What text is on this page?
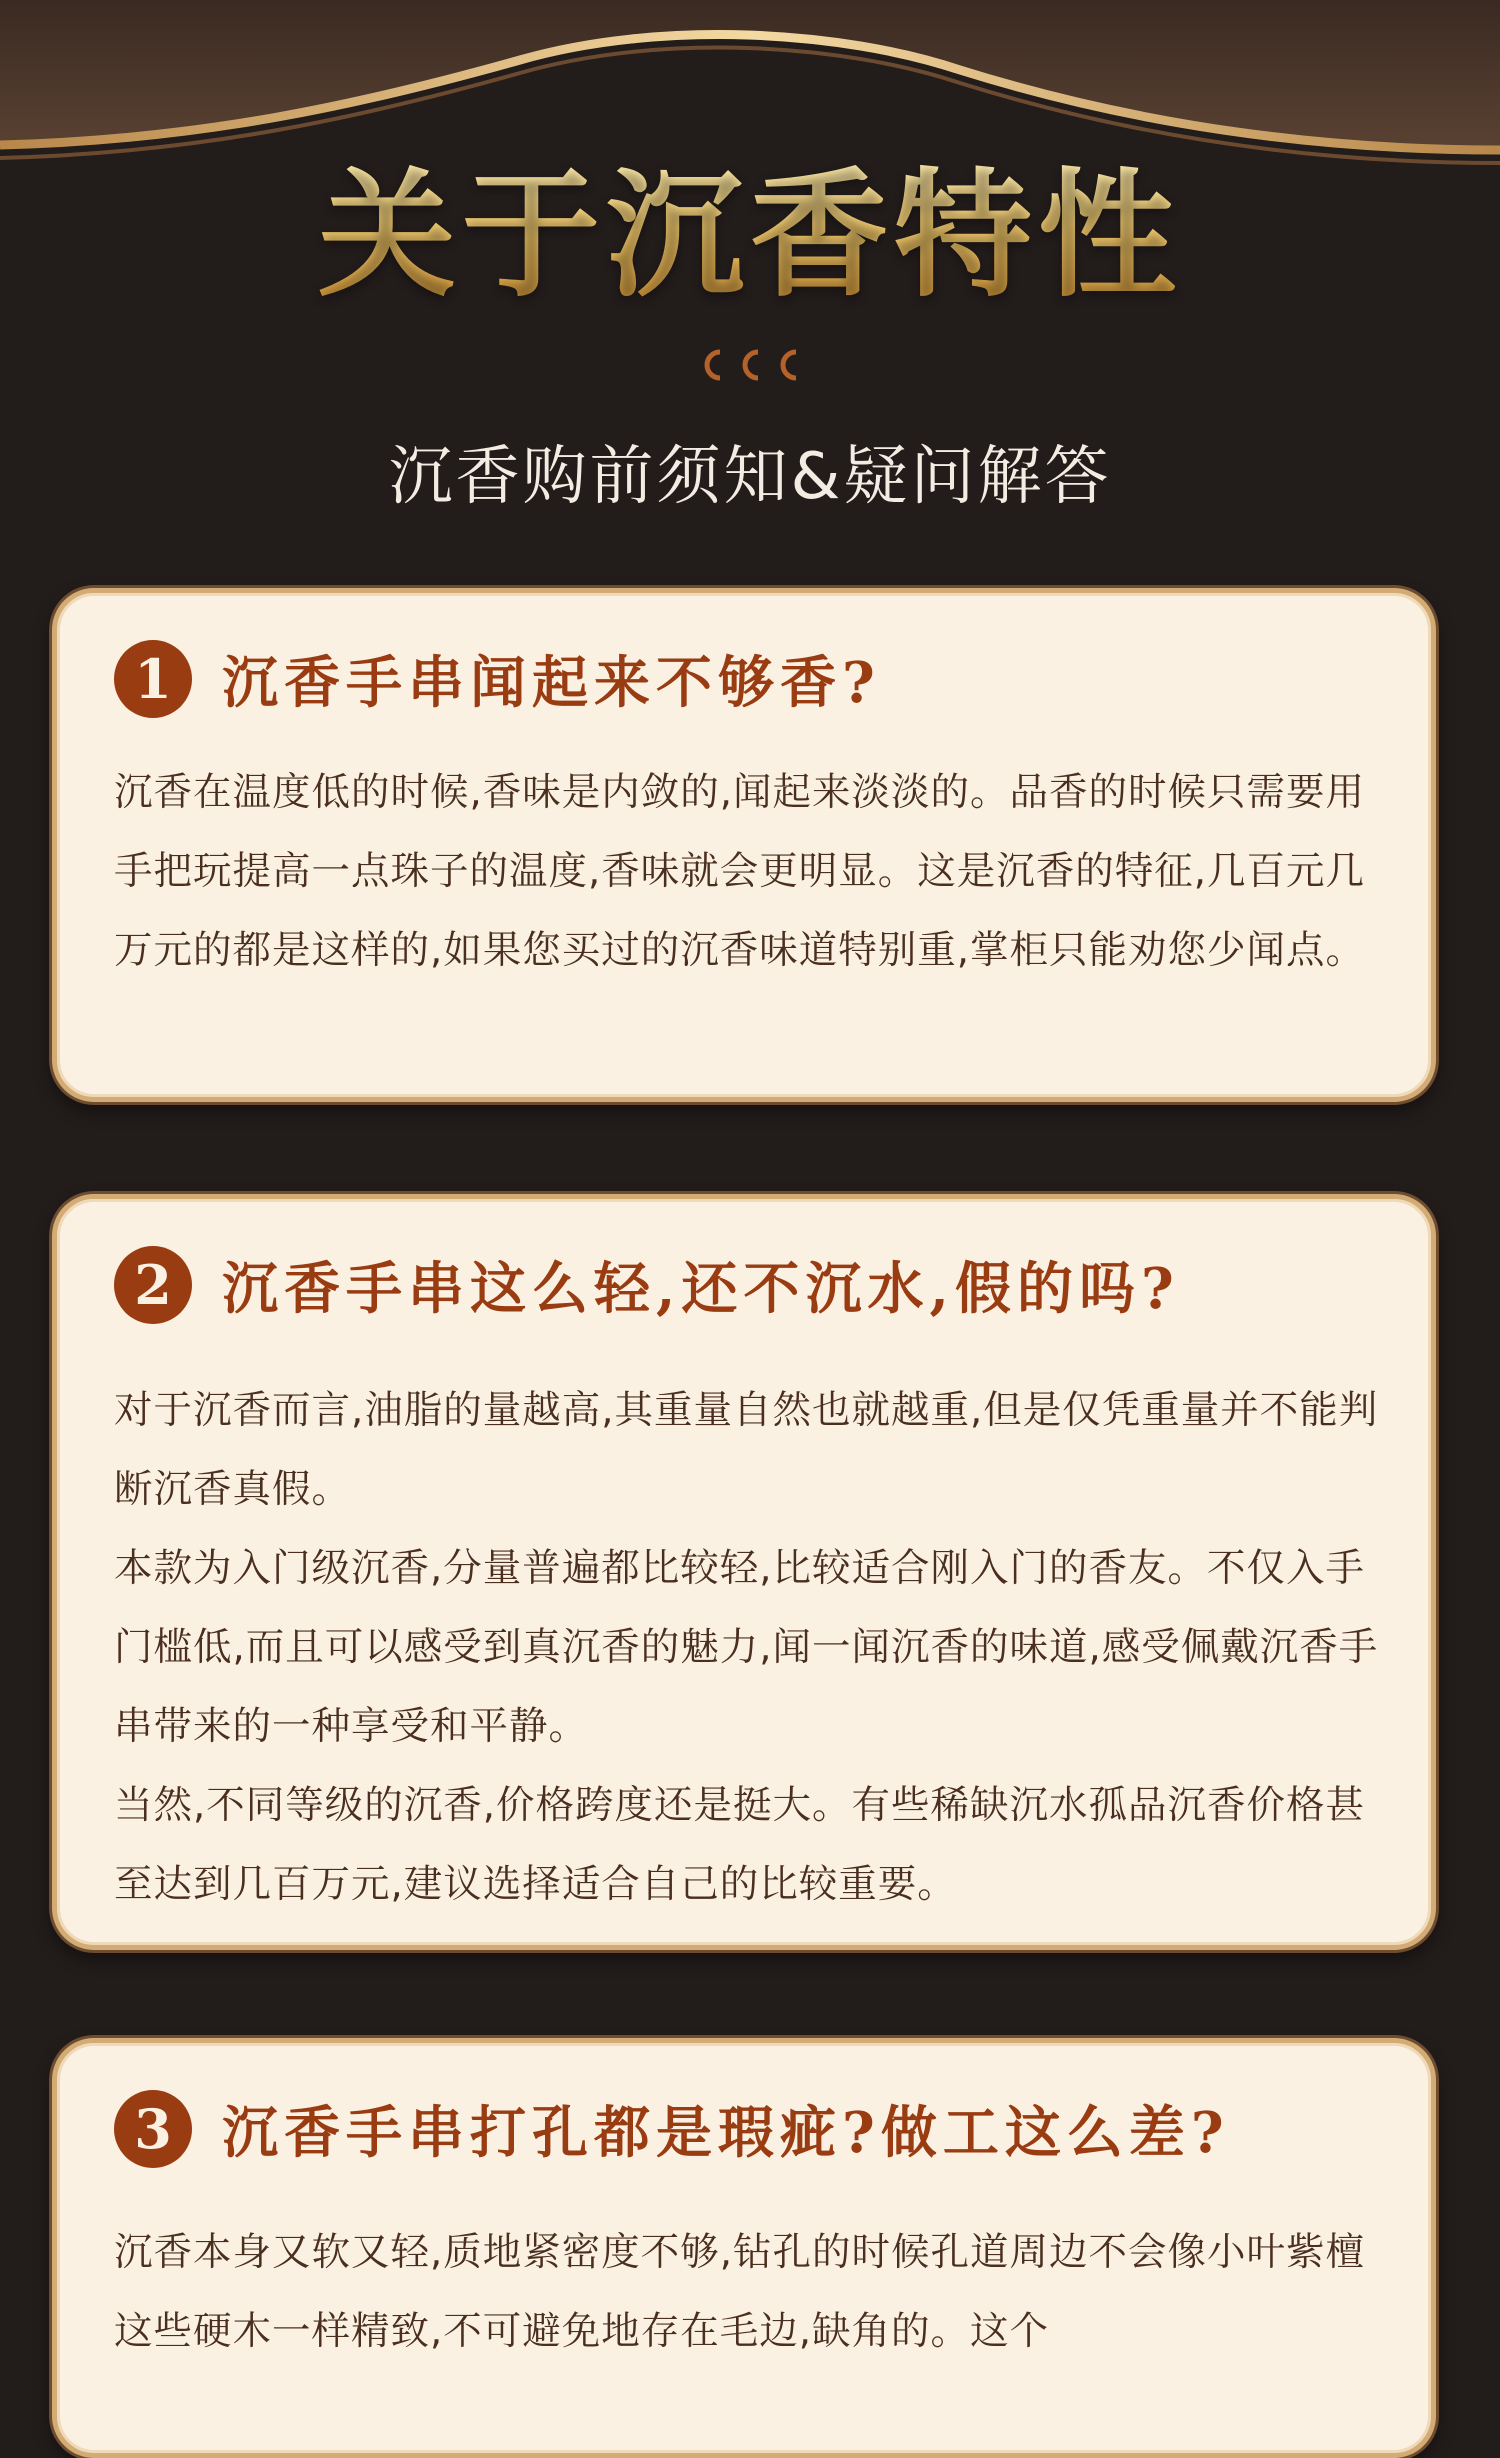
关于沉香特性
沉香购前须知&疑问解答
1 沉香手串闻起来不够香?

沉香在温度低的时候,香味是内敛的,闻起来淡淡的。品香的时候只需要用手把玩提高一点珠子的温度,香味就会更明显。这是沉香的特征,几百元几万元的都是这样的,如果您买过的沉香味道特别重,掌柜只能劝您少闻点。

2 沉香手串这么轻,还不沉水,假的吗?

对于沉香而言,油脂的量越高,其重量自然也就越重,但是仅凭重量并不能判断沉香真假。

本款为入门级沉香,分量普遍都比较轻,比较适合刚入门的香友。不仅入手门槛低,而且可以感受到真沉香的魅力,闻一闻沉香的味道,感受佩戴沉香手串带来的一种享受和平静。

当然,不同等级的沉香,价格跨度还是挺大。有些稀缺沉水孤品沉香价格甚至达到几百万元,建议选择适合自己的比较重要。

3 沉香手串打孔都是瑕疵?做工这么差?

沉香本身又软又轻,质地紧密度不够,钻孔的时候孔道周边不会像小叶紫檀这些硬木一样精致,不可避免地存在毛边,缺角的。这个
